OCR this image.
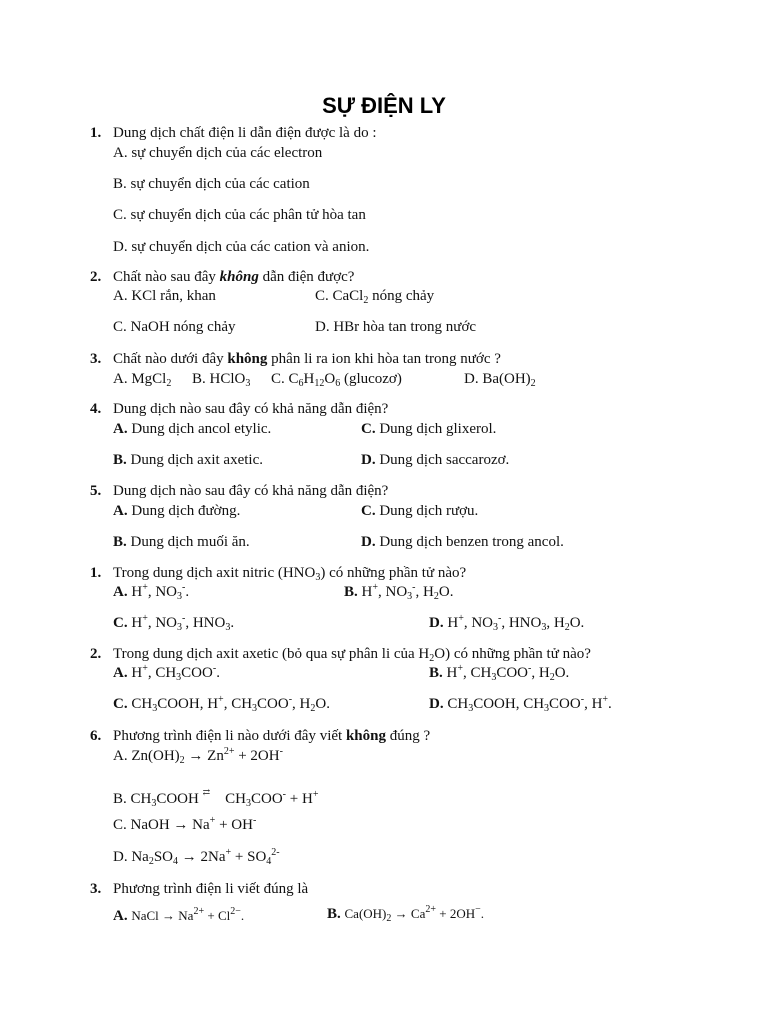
SỰ ĐIỆN LY
1. Dung dịch chất điện li dẫn điện được là do :
A. sự chuyển dịch của các electron
B. sự chuyển dịch của các cation
C. sự chuyển dịch của các phân tử hòa tan
D. sự chuyển dịch của các cation và anion.
2. Chất nào sau đây không dẫn điện được?
A. KCl rắn, khan	C. CaCl$_2$ nóng chảy
C. NaOH nóng chảy	D. HBr hòa tan trong nước
3. Chất nào dưới đây không phân li ra ion khi hòa tan trong nước ?
A. MgCl$_2$ B. HClO$_3$ C. $C_6H_{12}O_6$ (glucozơ)	D. $Ba(OH)_2$
4. Dung dịch nào sau đây có khả năng dẫn điện?
A. Dung dịch ancol etylic.	C. Dung dịch glixerol.
B. Dung dịch axit axetic.	D. Dung dịch saccarozơ.
5. Dung dịch nào sau đây có khả năng dẫn điện?
A. Dung dịch đường.	C. Dung dịch rượu.
B. Dung dịch muối ăn.	D. Dung dịch benzen trong ancol.
1. Trong dung dịch axit nitric $(HNO_3)$ có những phần tử nào?
A. H+, $NO_3^-$.	B. H+, $NO_3^-$, $H_2O$.
C. H+, $NO_3^-$, $HNO_3$.	D. H+, $NO_3^-$, $HNO_3$, $H_2O$.
2. Trong dung dịch axit axetic (bỏ qua sự phân li của $H_2O$) có những phần tử nào?
A. H+, $CH_3COO^-$.	B. H+, $CH_3COO^-$, $H_2O$.
C. $CH_3COOH$, H+, $CH_3COO^-$, $H_2O$.	D. $CH_3COOH$, $CH_3COO^-$, H+.
6. Phương trình điện li nào dưới đây viết không đúng ?
A. $Zn(OH)_2 \to Zn^{2+} + 2OH^-$
B. $CH_3COOH$ ⇄ $CH_3COO^- + H^+$
C. NaOH → Na+ + OH-
D. $Na_2SO_4 \to 2Na^+ + SO_4^{2-}$
3. Phương trình điện li viết đúng là
A. NaCl → $Na^{2+} + Cl^{2-}$.	B. $Ca(OH)_2 \to Ca^{2+} + 2OH^-$.
